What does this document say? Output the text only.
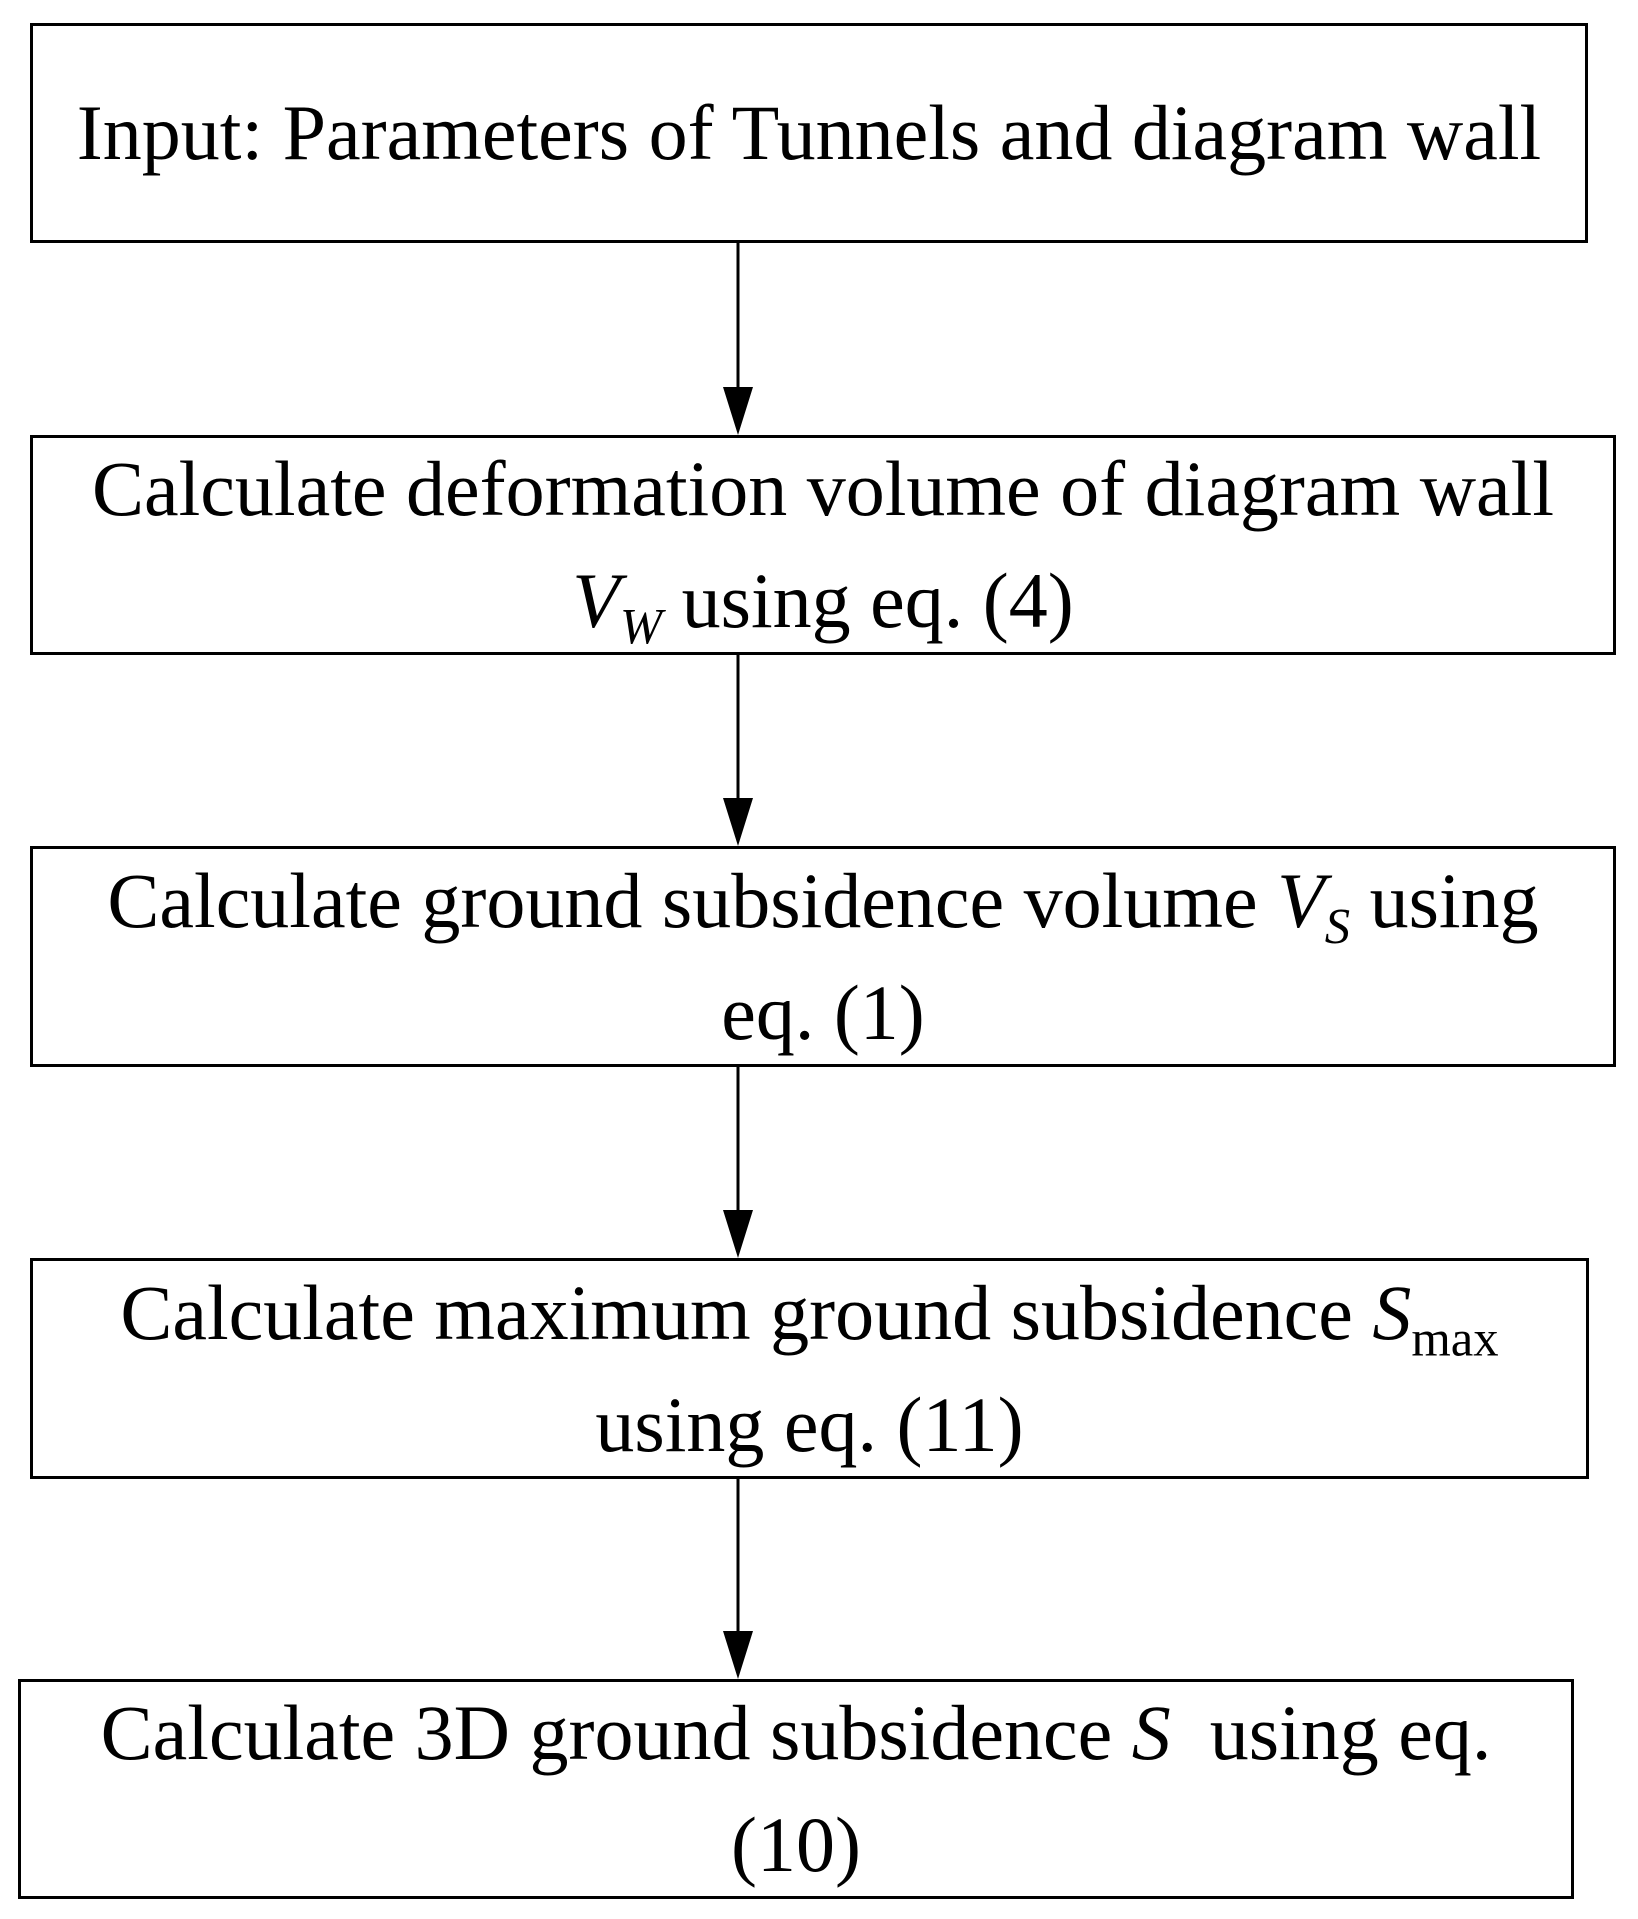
Input: Parameters of Tunnels and diagram wall
Calculate deformation volume of diagram wall
$V_W$ using eq. (4)
Calculate ground subsidence volume $V_S$ using
eq. (1)
Calculate maximum ground subsidence $S_{max}$
using eq. (11)
Calculate 3D ground subsidence S  using eq.
(10)
